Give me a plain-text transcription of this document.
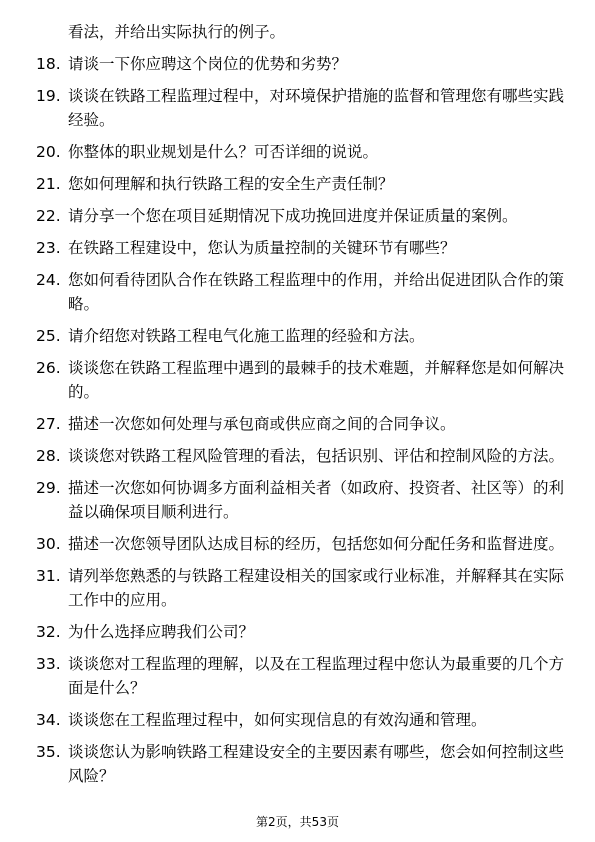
看法，并给出实际执行的例子。
18. 请谈一下你应聘这个岗位的优势和劣势？
19. 谈谈在铁路工程监理过程中，对环境保护措施的监督和管理您有哪些实践经验。
20. 你整体的职业规划是什么？可否详细的说说。
21. 您如何理解和执行铁路工程的安全生产责任制？
22. 请分享一个您在项目延期情况下成功挽回进度并保证质量的案例。
23. 在铁路工程建设中，您认为质量控制的关键环节有哪些？
24. 您如何看待团队合作在铁路工程监理中的作用，并给出促进团队合作的策略。
25. 请介绍您对铁路工程电气化施工监理的经验和方法。
26. 谈谈您在铁路工程监理中遇到的最棘手的技术难题，并解释您是如何解决的。
27. 描述一次您如何处理与承包商或供应商之间的合同争议。
28. 谈谈您对铁路工程风险管理的看法，包括识别、评估和控制风险的方法。
29. 描述一次您如何协调多方面利益相关者（如政府、投资者、社区等）的利益以确保项目顺利进行。
30. 描述一次您领导团队达成目标的经历，包括您如何分配任务和监督进度。
31. 请列举您熟悉的与铁路工程建设相关的国家或行业标准，并解释其在实际工作中的应用。
32. 为什么选择应聘我们公司？
33. 谈谈您对工程监理的理解，以及在工程监理过程中您认为最重要的几个方面是什么？
34. 谈谈您在工程监理过程中，如何实现信息的有效沟通和管理。
35. 谈谈您认为影响铁路工程建设安全的主要因素有哪些，您会如何控制这些风险？
第2页，共53页
